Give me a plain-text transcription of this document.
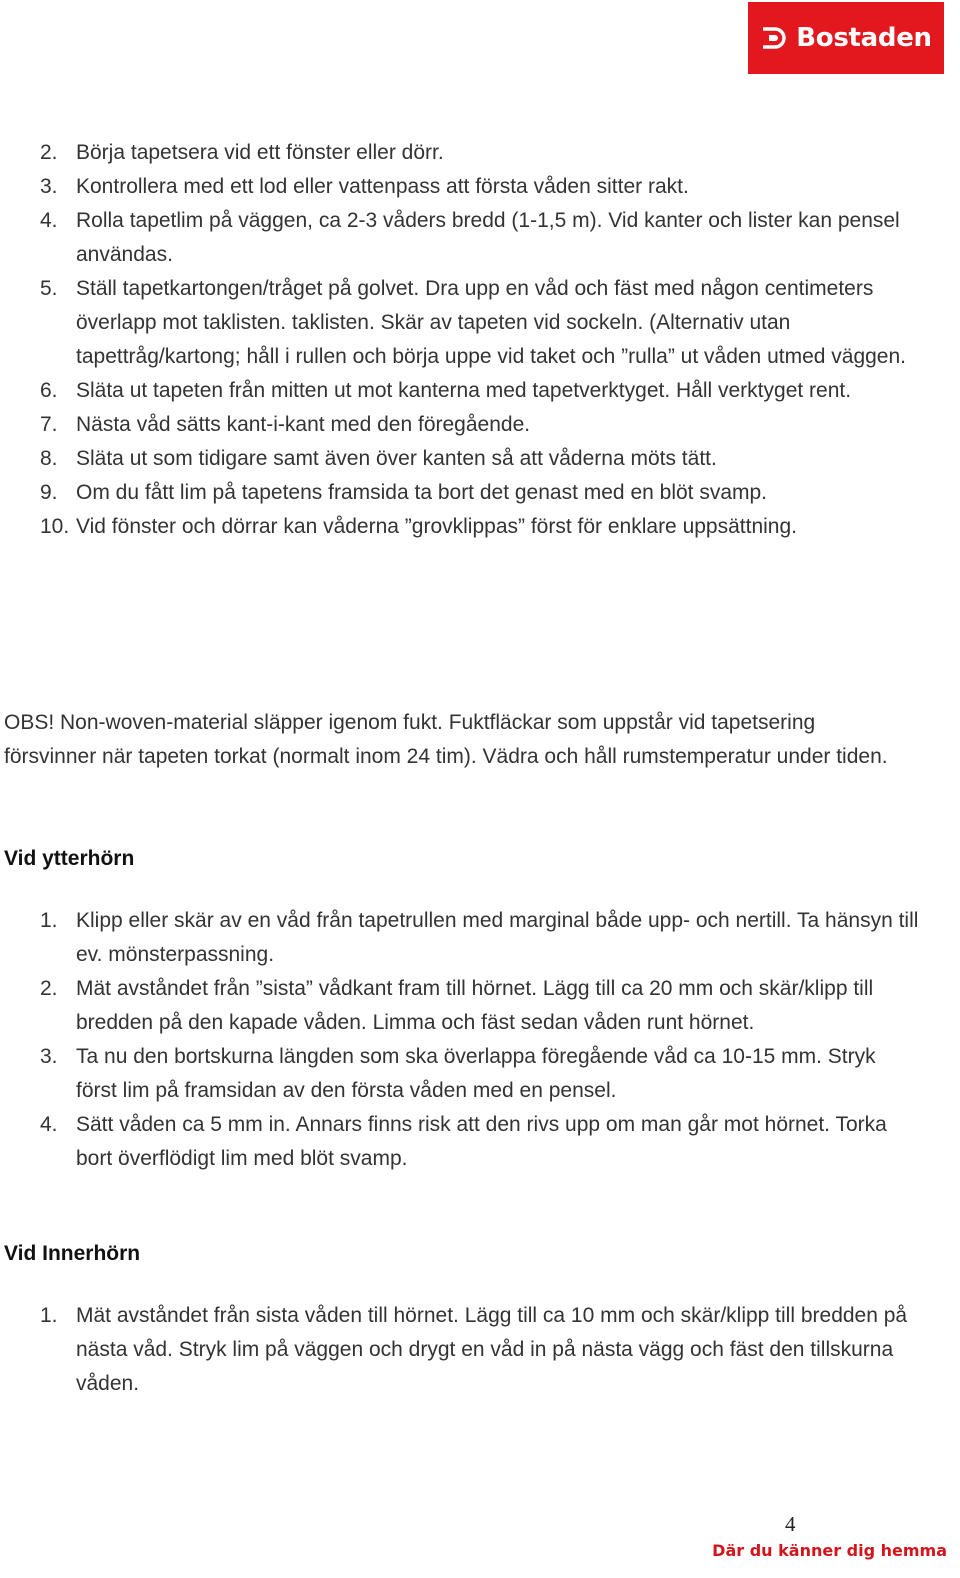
Bostaden
2. Börja tapetsera vid ett fönster eller dörr.
3. Kontrollera med ett lod eller vattenpass att första våden sitter rakt.
4. Rolla tapetlim på väggen, ca 2-3 våders bredd (1-1,5 m). Vid kanter och lister kan pensel användas.
5. Ställ tapetkartongen/tråget på golvet. Dra upp en våd och fäst med någon centimeters överlapp mot taklisten. taklisten. Skär av tapeten vid sockeln. (Alternativ utan tapettråg/kartong; håll i rullen och börja uppe vid taket och ”rulla” ut våden utmed väggen.
6. Släta ut tapeten från mitten ut mot kanterna med tapetverktyget. Håll verktyget rent.
7. Nästa våd sätts kant-i-kant med den föregående.
8. Släta ut som tidigare samt även över kanten så att våderna möts tätt.
9. Om du fått lim på tapetens framsida ta bort det genast med en blöt svamp.
10. Vid fönster och dörrar kan våderna ”grovklippas” först för enklare uppsättning.

OBS! Non-woven-material släpper igenom fukt. Fuktfläckar som uppstår vid tapetsering försvinner när tapeten torkat (normalt inom 24 tim). Vädra och håll rumstemperatur under tiden.

Vid ytterhörn
1. Klipp eller skär av en våd från tapetrullen med marginal både upp- och nertill. Ta hänsyn till ev. mönsterpassning.
2. Mät avståndet från ”sista” vådkant fram till hörnet. Lägg till ca 20 mm och skär/klipp till bredden på den kapade våden. Limma och fäst sedan våden runt hörnet.
3. Ta nu den bortskurna längden som ska överlappa föregående våd ca 10-15 mm. Stryk först lim på framsidan av den första våden med en pensel.
4. Sätt våden ca 5 mm in. Annars finns risk att den rivs upp om man går mot hörnet. Torka bort överflödigt lim med blöt svamp.
Vid Innerhörn
1. Mät avståndet från sista våden till hörnet. Lägg till ca 10 mm och skär/klipp till bredden på nästa våd. Stryk lim på väggen och drygt en våd in på nästa vägg och fäst den tillskurna våden.
4
Där du känner dig hemma
